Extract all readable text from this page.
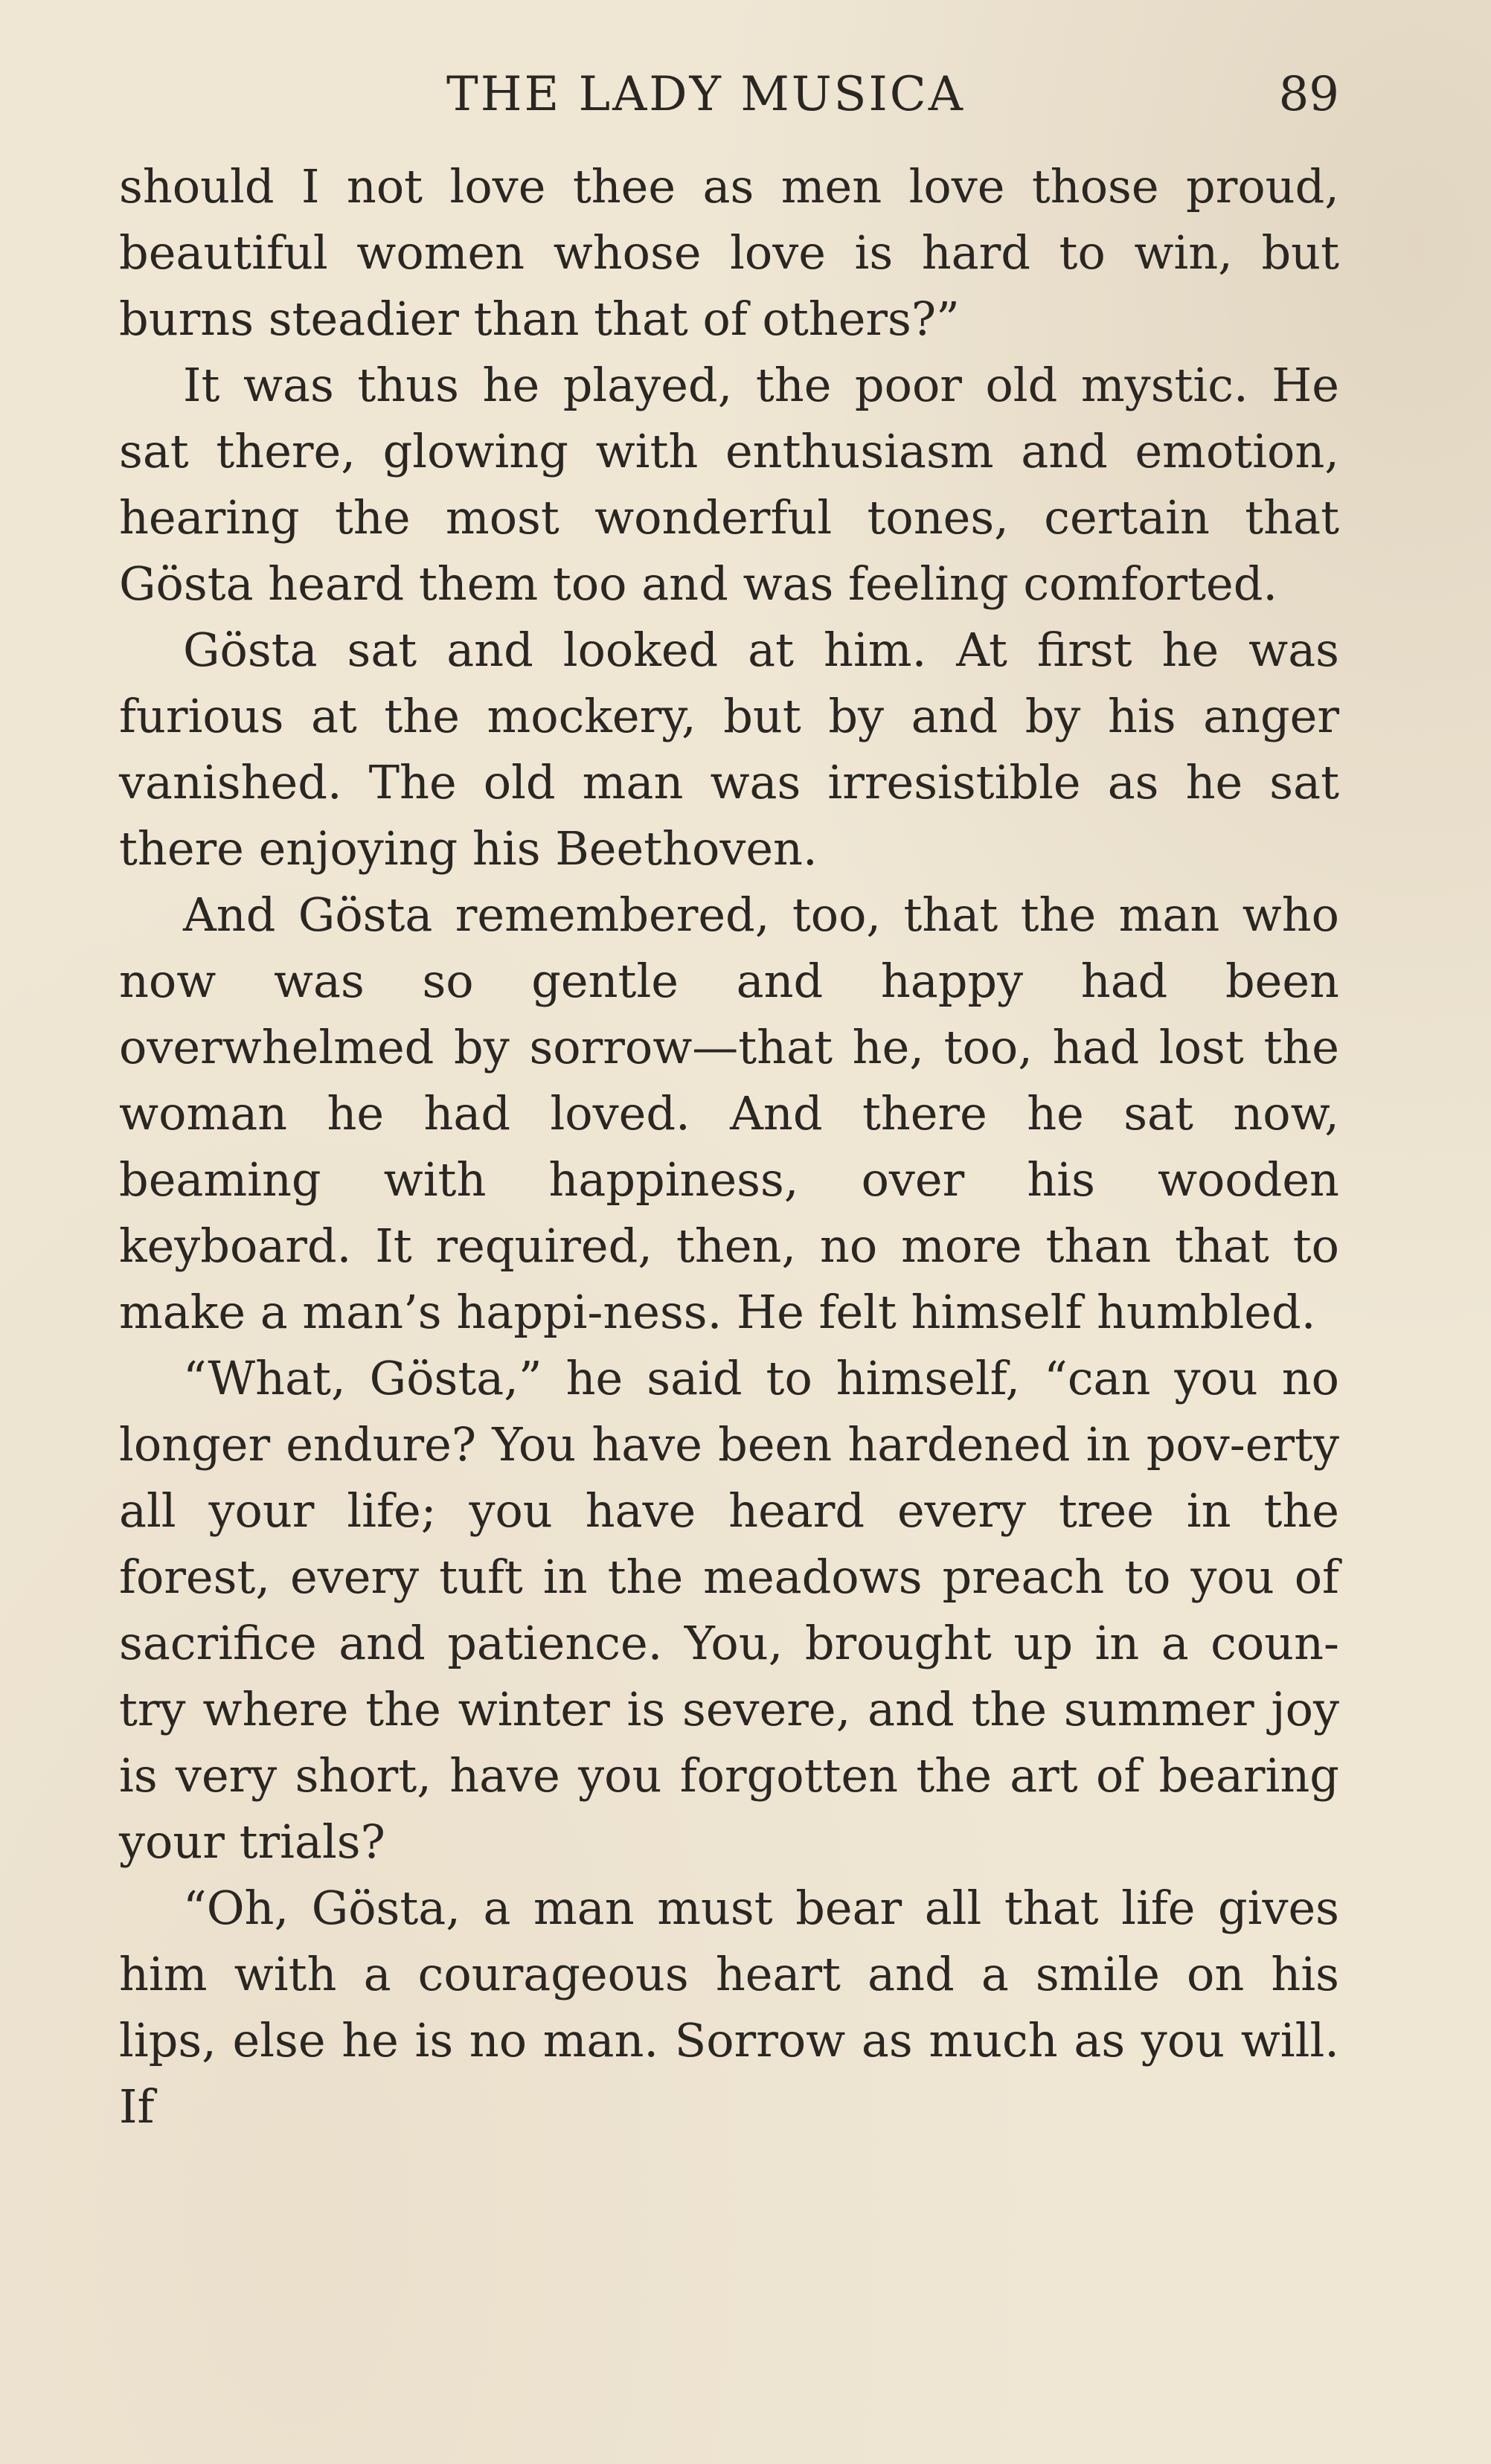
THE LADY MUSICA	89

should I not love thee as men love those proud, beautiful women whose love is hard to win, but burns steadier than that of others?”

It was thus he played, the poor old mystic. He sat there, glowing with enthusiasm and emotion, hearing the most wonderful tones, certain that Gösta heard them too and was feeling comforted.

Gösta sat and looked at him. At first he was furious at the mockery, but by and by his anger vanished. The old man was irresistible as he sat there enjoying his Beethoven.

And Gösta remembered, too, that the man who now was so gentle and happy had been overwhelmed by sorrow—that he, too, had lost the woman he had loved. And there he sat now, beaming with happiness, over his wooden keyboard. It required, then, no more than that to make a man’s happi-ness. He felt himself humbled.

“What, Gösta,” he said to himself, “can you no longer endure? You have been hardened in pov-erty all your life; you have heard every tree in the forest, every tuft in the meadows preach to you of sacrifice and patience. You, brought up in a coun-try where the winter is severe, and the summer joy is very short, have you forgotten the art of bearing your trials?

“Oh, Gösta, a man must bear all that life gives him with a courageous heart and a smile on his lips, else he is no man. Sorrow as much as you will. If
